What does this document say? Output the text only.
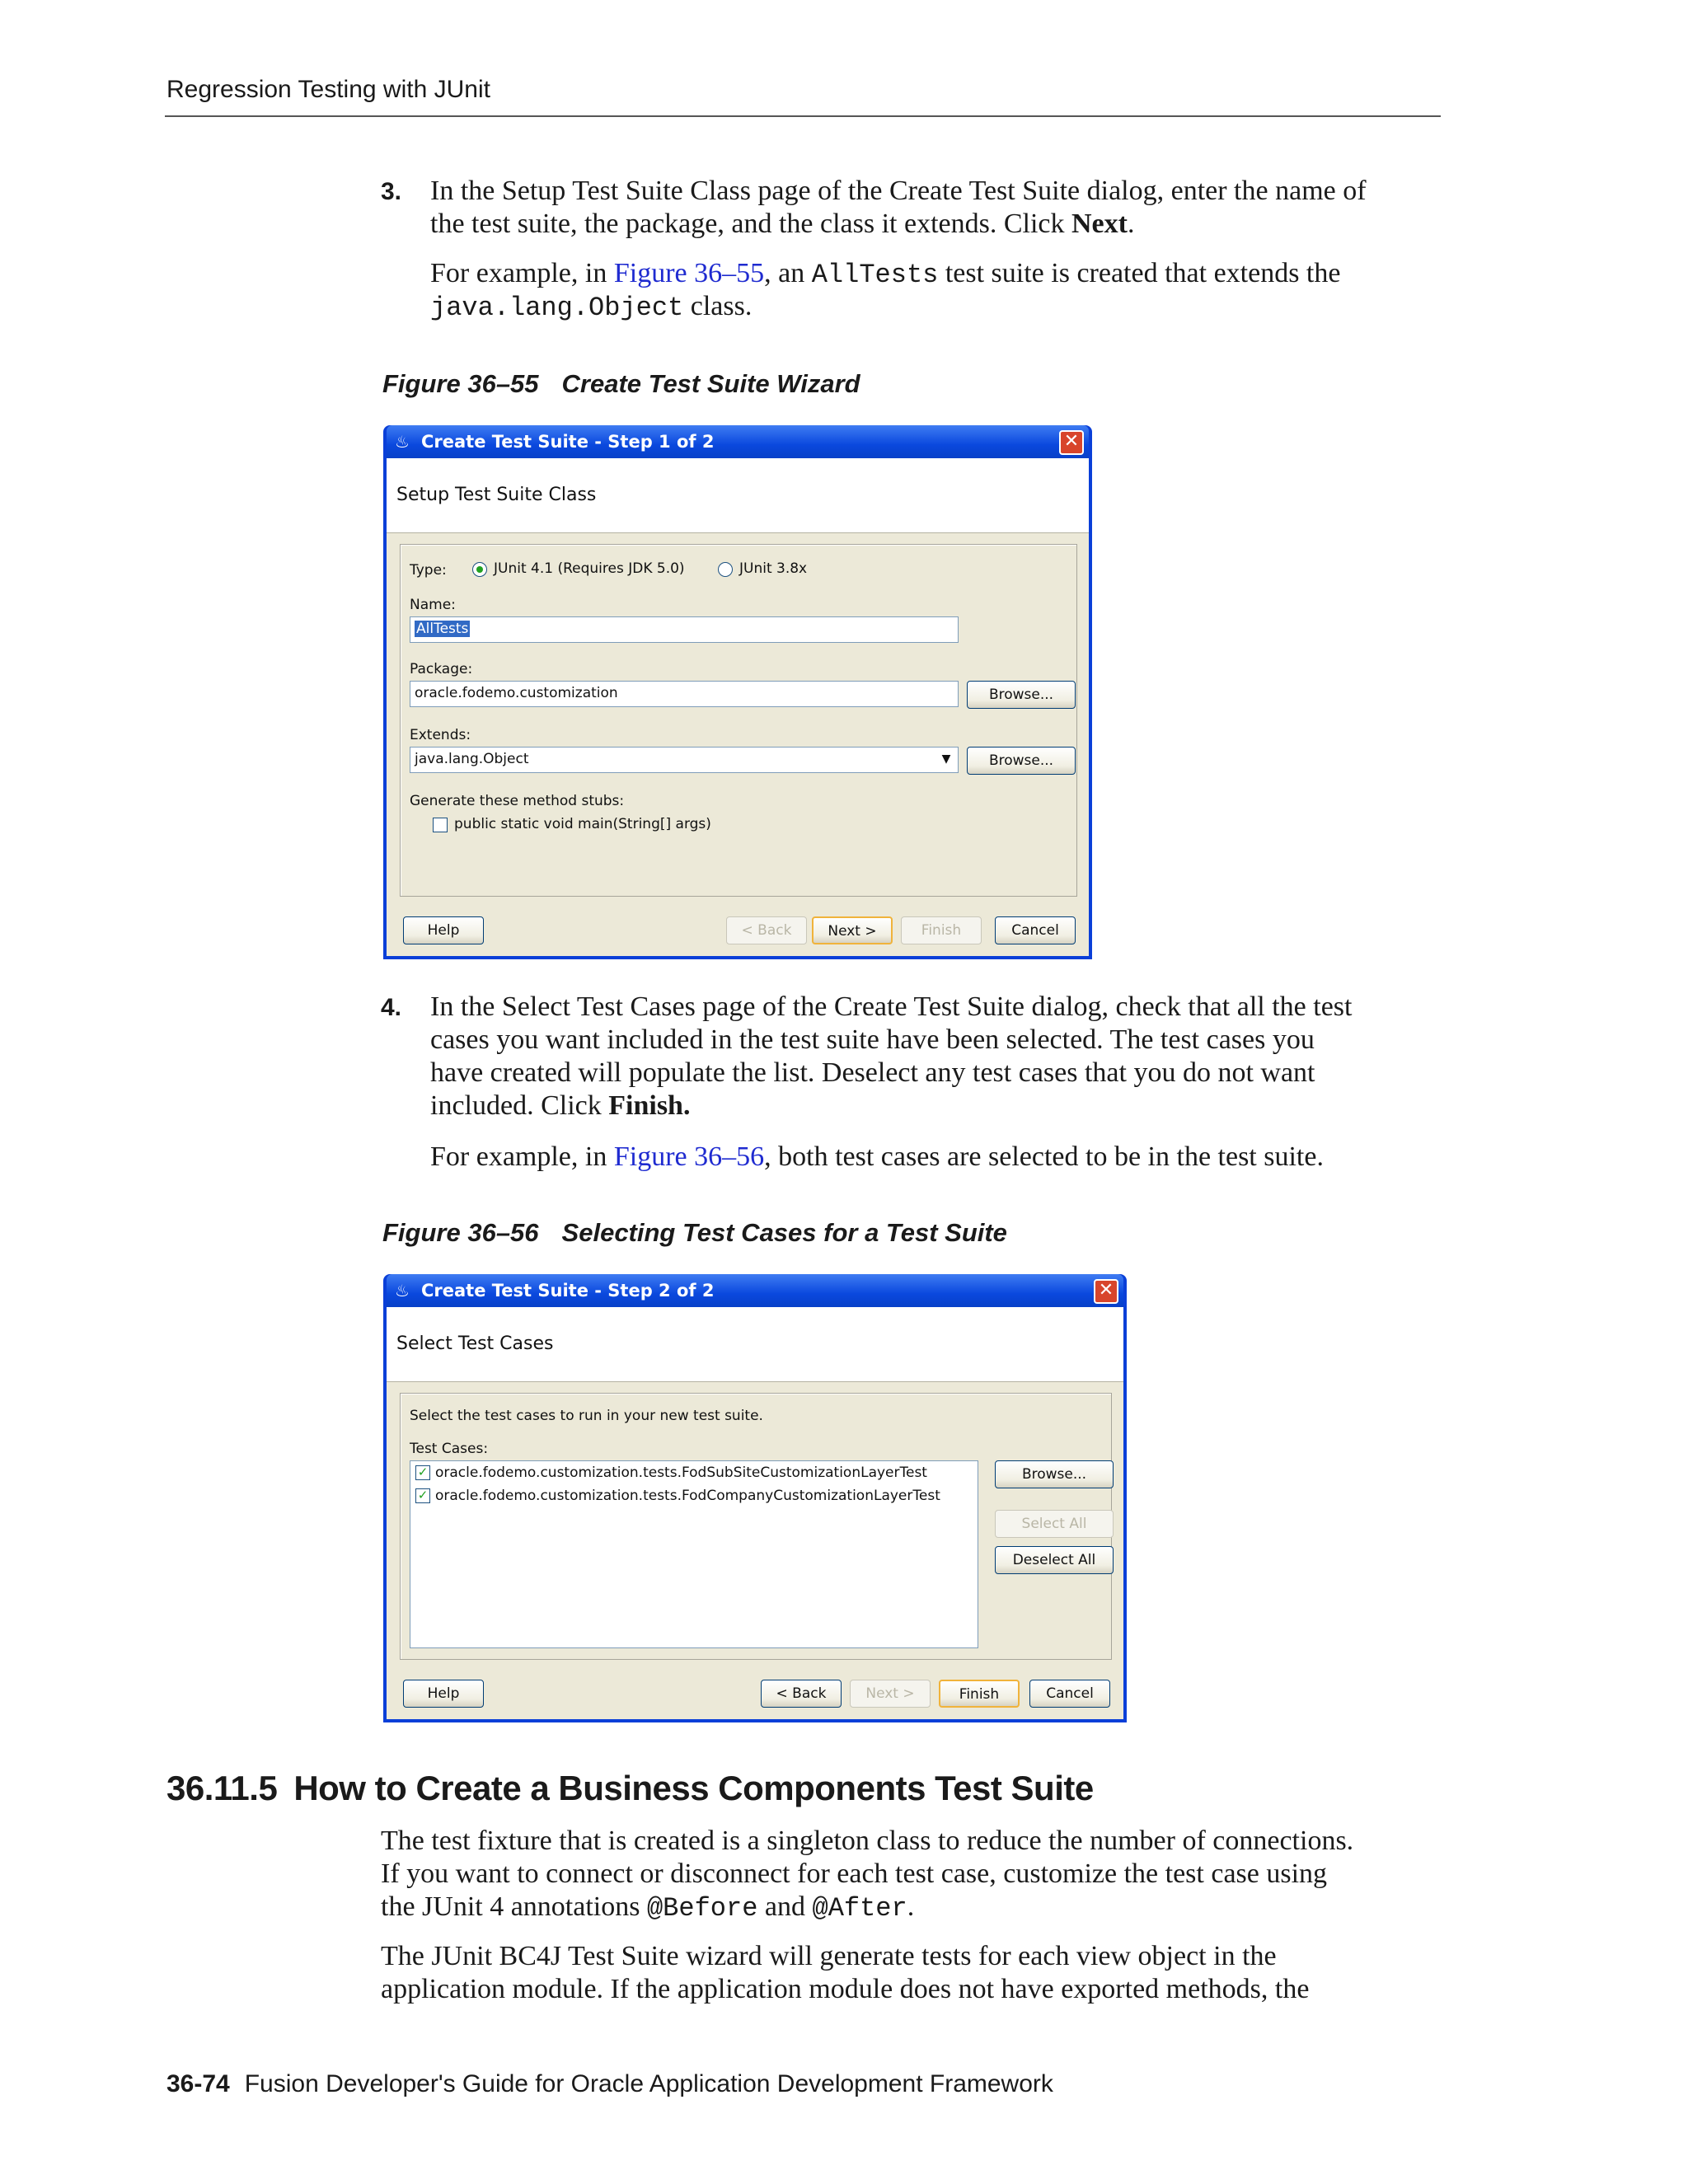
Regression Testing with JUnit
3. In the Setup Test Suite Class page of the Create Test Suite dialog, enter the name of
the test suite, the package, and the class it extends. Click Next.
For example, in Figure 36–55, an AllTests test suite is created that extends the
java.lang.Object class.
Figure 36–55 Create Test Suite Wizard
♨ Create Test Suite - Step 1 of 2	✕
Setup Test Suite Class
Type:	JUnit 4.1 (Requires JDK 5.0)	JUnit 3.8x
Name:
AllTests
Package:
oracle.fodemo.customization	Browse...
Extends:
java.lang.Object	▼	Browse...
Generate these method stubs:
public static void main(String[] args)
Help	< Back	Next >	Finish	Cancel
4. In the Select Test Cases page of the Create Test Suite dialog, check that all the test
cases you want included in the test suite have been selected. The test cases you
have created will populate the list. Deselect any test cases that you do not want
included. Click Finish.
For example, in Figure 36–56, both test cases are selected to be in the test suite.
Figure 36–56 Selecting Test Cases for a Test Suite
♨ Create Test Suite - Step 2 of 2	✕
Select Test Cases
Select the test cases to run in your new test suite.
Test Cases:
✓ oracle.fodemo.customization.tests.FodSubSiteCustomizationLayerTest
✓ oracle.fodemo.customization.tests.FodCompanyCustomizationLayerTest
Browse...
Select All
Deselect All
Help	< Back	Next >	Finish	Cancel
36.11.5 How to Create a Business Components Test Suite
The test fixture that is created is a singleton class to reduce the number of connections.
If you want to connect or disconnect for each test case, customize the test case using
the JUnit 4 annotations @Before and @After.
The JUnit BC4J Test Suite wizard will generate tests for each view object in the
application module. If the application module does not have exported methods, the
36-74 Fusion Developer's Guide for Oracle Application Development Framework
